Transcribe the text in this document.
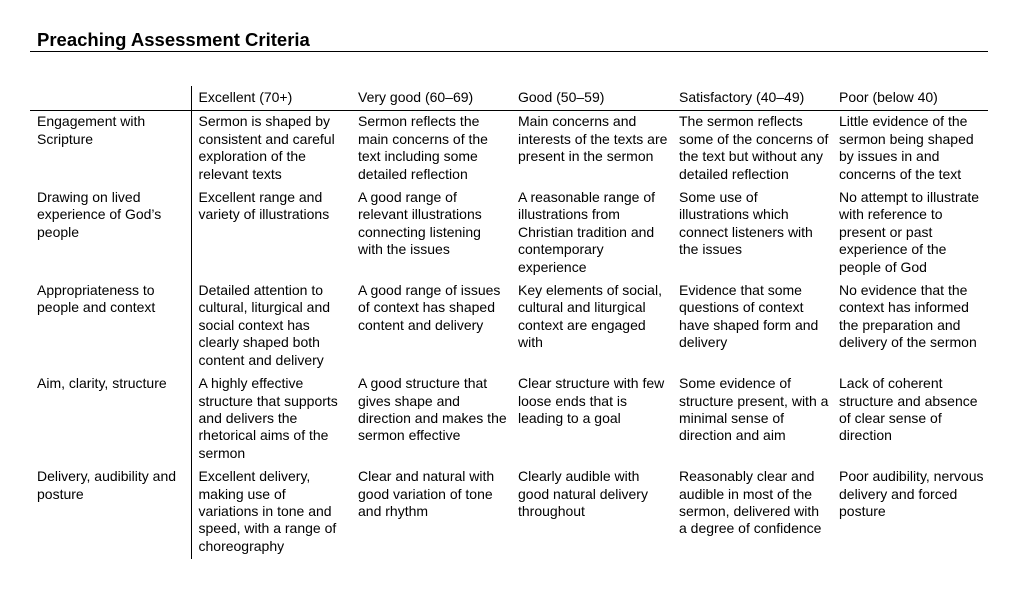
Preaching Assessment Criteria
	Excellent (70+)	Very good (60–69)	Good (50–59)	Satisfactory (40–49)	Poor (below 40)
Engagement with Scripture	Sermon is shaped by consistent and careful exploration of the relevant texts	Sermon reflects the main concerns of the text including some detailed reflection	Main concerns and interests of the texts are present in the sermon	The sermon reflects some of the concerns of the text but without any detailed reflection	Little evidence of the sermon being shaped by issues in and concerns of the text
Drawing on lived experience of God’s people	Excellent range and variety of illustrations	A good range of relevant illustrations connecting listening with the issues	A reasonable range of illustrations from Christian tradition and contemporary experience	Some use of illustrations which connect listeners with the issues	No attempt to illustrate with reference to present or past experience of the people of God
Appropriateness to people and context	Detailed attention to cultural, liturgical and social context has clearly shaped both content and delivery	A good range of issues of context has shaped content and delivery	Key elements of social, cultural and liturgical context are engaged with	Evidence that some questions of context have shaped form and delivery	No evidence that the context has informed the preparation and delivery of the sermon
Aim, clarity, structure	A highly effective structure that supports and delivers the rhetorical aims of the sermon	A good structure that gives shape and direction and makes the sermon effective	Clear structure with few loose ends that is leading to a goal	Some evidence of structure present, with a minimal sense of direction and aim	Lack of coherent structure and absence of clear sense of direction
Delivery, audibility and posture	Excellent delivery, making use of variations in tone and speed, with a range of choreography	Clear and natural with good variation of tone and rhythm	Clearly audible with good natural delivery throughout	Reasonably clear and audible in most of the sermon, delivered with a degree of confidence	Poor audibility, nervous delivery and forced posture
